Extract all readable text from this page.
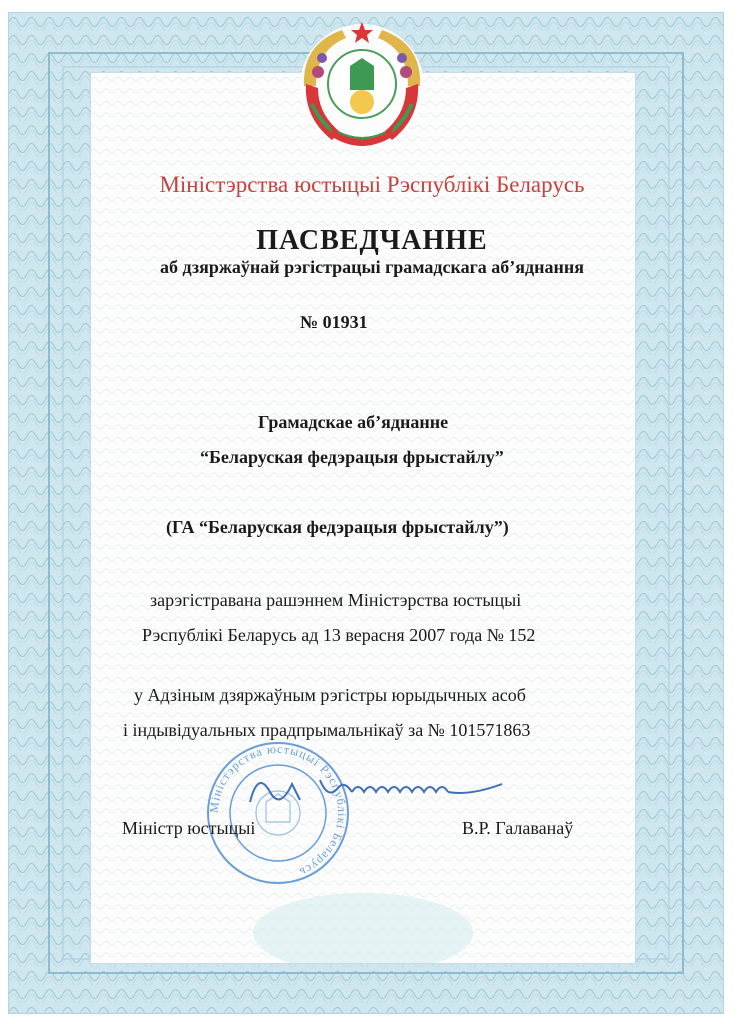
Міністэрства юстыцыі Рэспублікі Беларусь
ПАСВЕДЧАННЕ
аб дзяржаўнай рэгістрацыі грамадскага аб’яднання
№ 01931
Грамадскае аб’яднанне
“Беларуская федэрацыя фрыстайлу”
(ГА “Беларуская федэрацыя фрыстайлу”)
зарэгістравана рашэннем Міністэрства юстыцыі
Рэспублікі Беларусь ад 13 верасня 2007 года № 152
у Адзіным дзяржаўным рэгістры юрыдычных асоб
і індывідуальных прадпрымальнікаў за № 101571863
Міністэрства юстыцыі Рэспублікі Беларусь
Міністр юстыцыі	В.Р. Галаванаў
